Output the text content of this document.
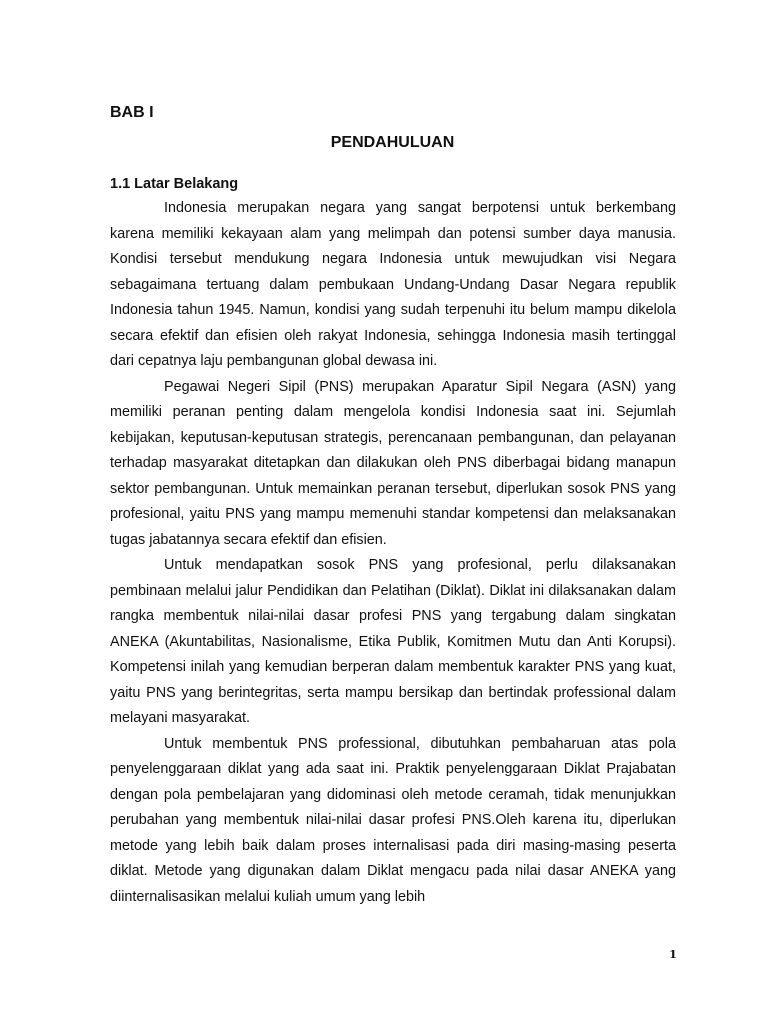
BAB I
PENDAHULUAN
1.1 Latar Belakang

Indonesia merupakan negara yang sangat berpotensi untuk berkembang karena memiliki kekayaan alam yang melimpah dan potensi sumber daya manusia. Kondisi tersebut mendukung negara Indonesia untuk mewujudkan visi Negara sebagaimana tertuang dalam pembukaan Undang-Undang Dasar Negara republik Indonesia tahun 1945. Namun, kondisi yang sudah terpenuhi itu belum mampu dikelola secara efektif dan efisien oleh rakyat Indonesia, sehingga Indonesia masih tertinggal dari cepatnya laju pembangunan global dewasa ini.

Pegawai Negeri Sipil (PNS) merupakan Aparatur Sipil Negara (ASN) yang memiliki peranan penting dalam mengelola kondisi Indonesia saat ini. Sejumlah kebijakan, keputusan-keputusan strategis, perencanaan pembangunan, dan pelayanan terhadap masyarakat ditetapkan dan dilakukan oleh PNS diberbagai bidang manapun sektor pembangunan. Untuk memainkan peranan tersebut, diperlukan sosok PNS yang profesional, yaitu PNS yang mampu memenuhi standar kompetensi dan melaksanakan tugas jabatannya secara efektif dan efisien.

Untuk mendapatkan sosok PNS yang profesional, perlu dilaksanakan pembinaan melalui jalur Pendidikan dan Pelatihan (Diklat). Diklat ini dilaksanakan dalam rangka membentuk nilai-nilai dasar profesi PNS yang tergabung dalam singkatan ANEKA (Akuntabilitas, Nasionalisme, Etika Publik, Komitmen Mutu dan Anti Korupsi). Kompetensi inilah yang kemudian berperan dalam membentuk karakter PNS yang kuat, yaitu PNS yang berintegritas, serta mampu bersikap dan bertindak professional dalam melayani masyarakat.

Untuk membentuk PNS professional, dibutuhkan pembaharuan atas pola penyelenggaraan diklat yang ada saat ini. Praktik penyelenggaraan Diklat Prajabatan dengan pola pembelajaran yang didominasi oleh metode ceramah, tidak menunjukkan perubahan yang membentuk nilai-nilai dasar profesi PNS.Oleh karena itu, diperlukan metode yang lebih baik dalam proses internalisasi pada diri masing-masing peserta diklat. Metode yang digunakan dalam Diklat mengacu pada nilai dasar ANEKA yang diinternalisasikan melalui kuliah umum yang lebih

1
